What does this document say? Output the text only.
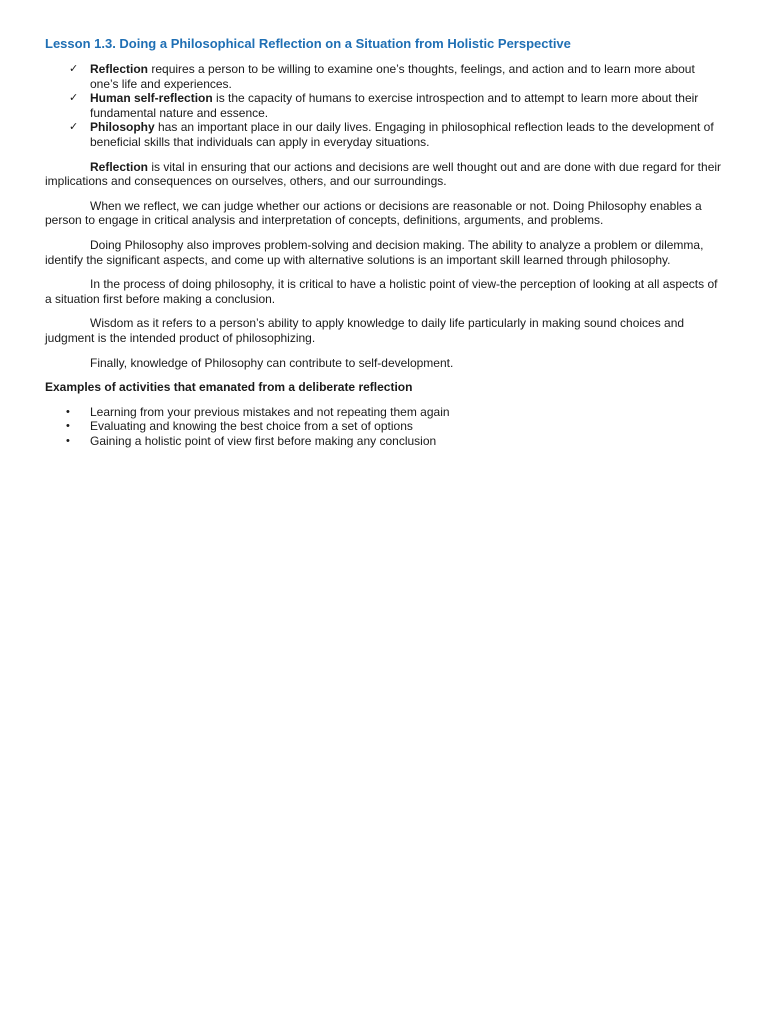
Lesson 1.3. Doing a Philosophical Reflection on a Situation from Holistic Perspective
✓ Reflection requires a person to be willing to examine one’s thoughts, feelings, and action and to learn more about one’s life and experiences.
✓ Human self-reflection is the capacity of humans to exercise introspection and to attempt to learn more about their fundamental nature and essence.
✓ Philosophy has an important place in our daily lives. Engaging in philosophical reflection leads to the development of beneficial skills that individuals can apply in everyday situations.

Reflection is vital in ensuring that our actions and decisions are well thought out and are done with due regard for their implications and consequences on ourselves, others, and our surroundings.

When we reflect, we can judge whether our actions or decisions are reasonable or not. Doing Philosophy enables a person to engage in critical analysis and interpretation of concepts, definitions, arguments, and problems.

Doing Philosophy also improves problem-solving and decision making. The ability to analyze a problem or dilemma, identify the significant aspects, and come up with alternative solutions is an important skill learned through philosophy.

In the process of doing philosophy, it is critical to have a holistic point of view-the perception of looking at all aspects of a situation first before making a conclusion.

Wisdom as it refers to a person’s ability to apply knowledge to daily life particularly in making sound choices and judgment is the intended product of philosophizing.

Finally, knowledge of Philosophy can contribute to self-development.

Examples of activities that emanated from a deliberate reflection

• Learning from your previous mistakes and not repeating them again
• Evaluating and knowing the best choice from a set of options
• Gaining a holistic point of view first before making any conclusion
